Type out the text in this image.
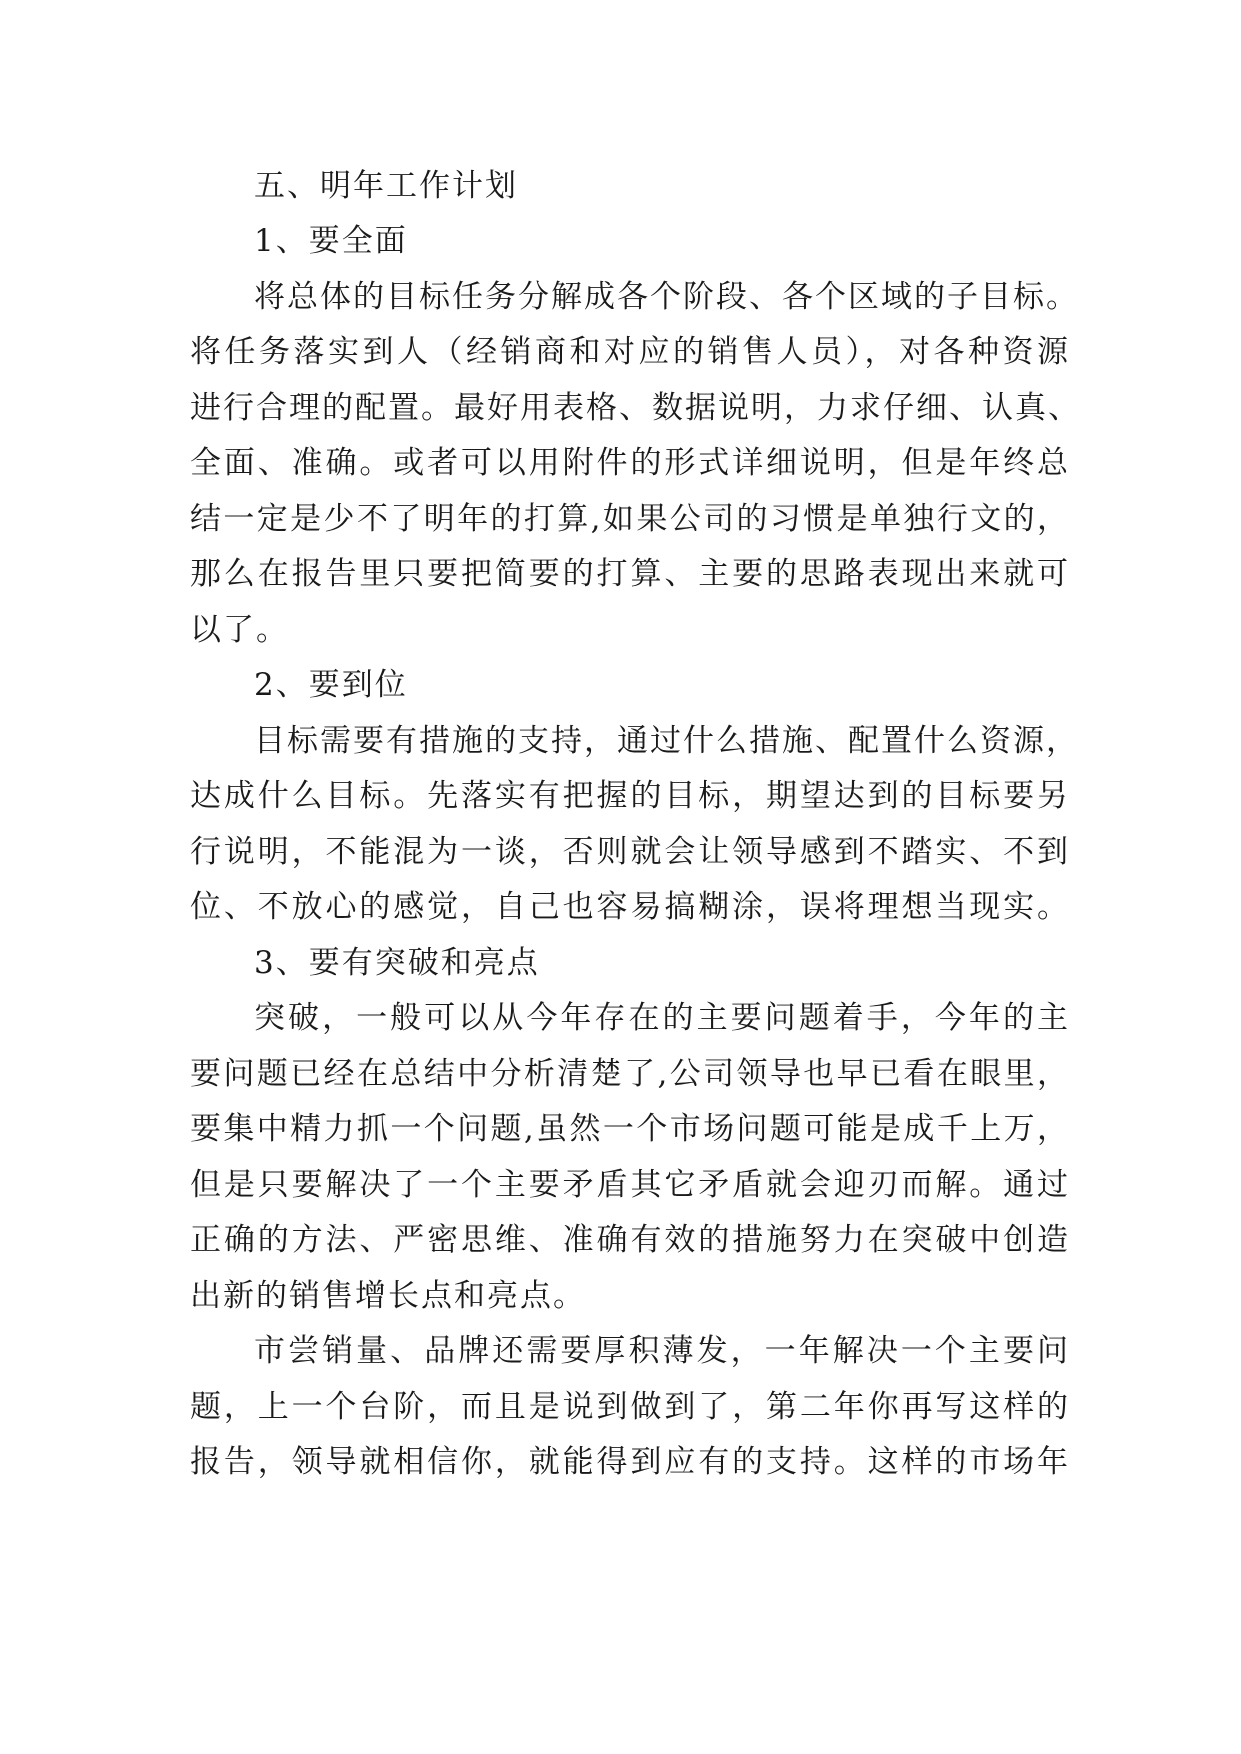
五、明年工作计划
1、要全面
将总体的目标任务分解成各个阶段、各个区域的子目标。
将任务落实到人（经销商和对应的销售人员），对各种资源
进行合理的配置。最好用表格、数据说明，力求仔细、认真、
全面、准确。或者可以用附件的形式详细说明，但是年终总
结一定是少不了明年的打算,如果公司的习惯是单独行文的，
那么在报告里只要把简要的打算、主要的思路表现出来就可
以了。
2、要到位
目标需要有措施的支持，通过什么措施、配置什么资源，
达成什么目标。先落实有把握的目标，期望达到的目标要另
行说明，不能混为一谈，否则就会让领导感到不踏实、不到
位、不放心的感觉，自己也容易搞糊涂，误将理想当现实。
3、要有突破和亮点
突破，一般可以从今年存在的主要问题着手，今年的主
要问题已经在总结中分析清楚了,公司领导也早已看在眼里，
要集中精力抓一个问题,虽然一个市场问题可能是成千上万，
但是只要解决了一个主要矛盾其它矛盾就会迎刃而解。通过
正确的方法、严密思维、准确有效的措施努力在突破中创造
出新的销售增长点和亮点。
市尝销量、品牌还需要厚积薄发，一年解决一个主要问
题，上一个台阶，而且是说到做到了，第二年你再写这样的
报告，领导就相信你，就能得到应有的支持。这样的市场年
